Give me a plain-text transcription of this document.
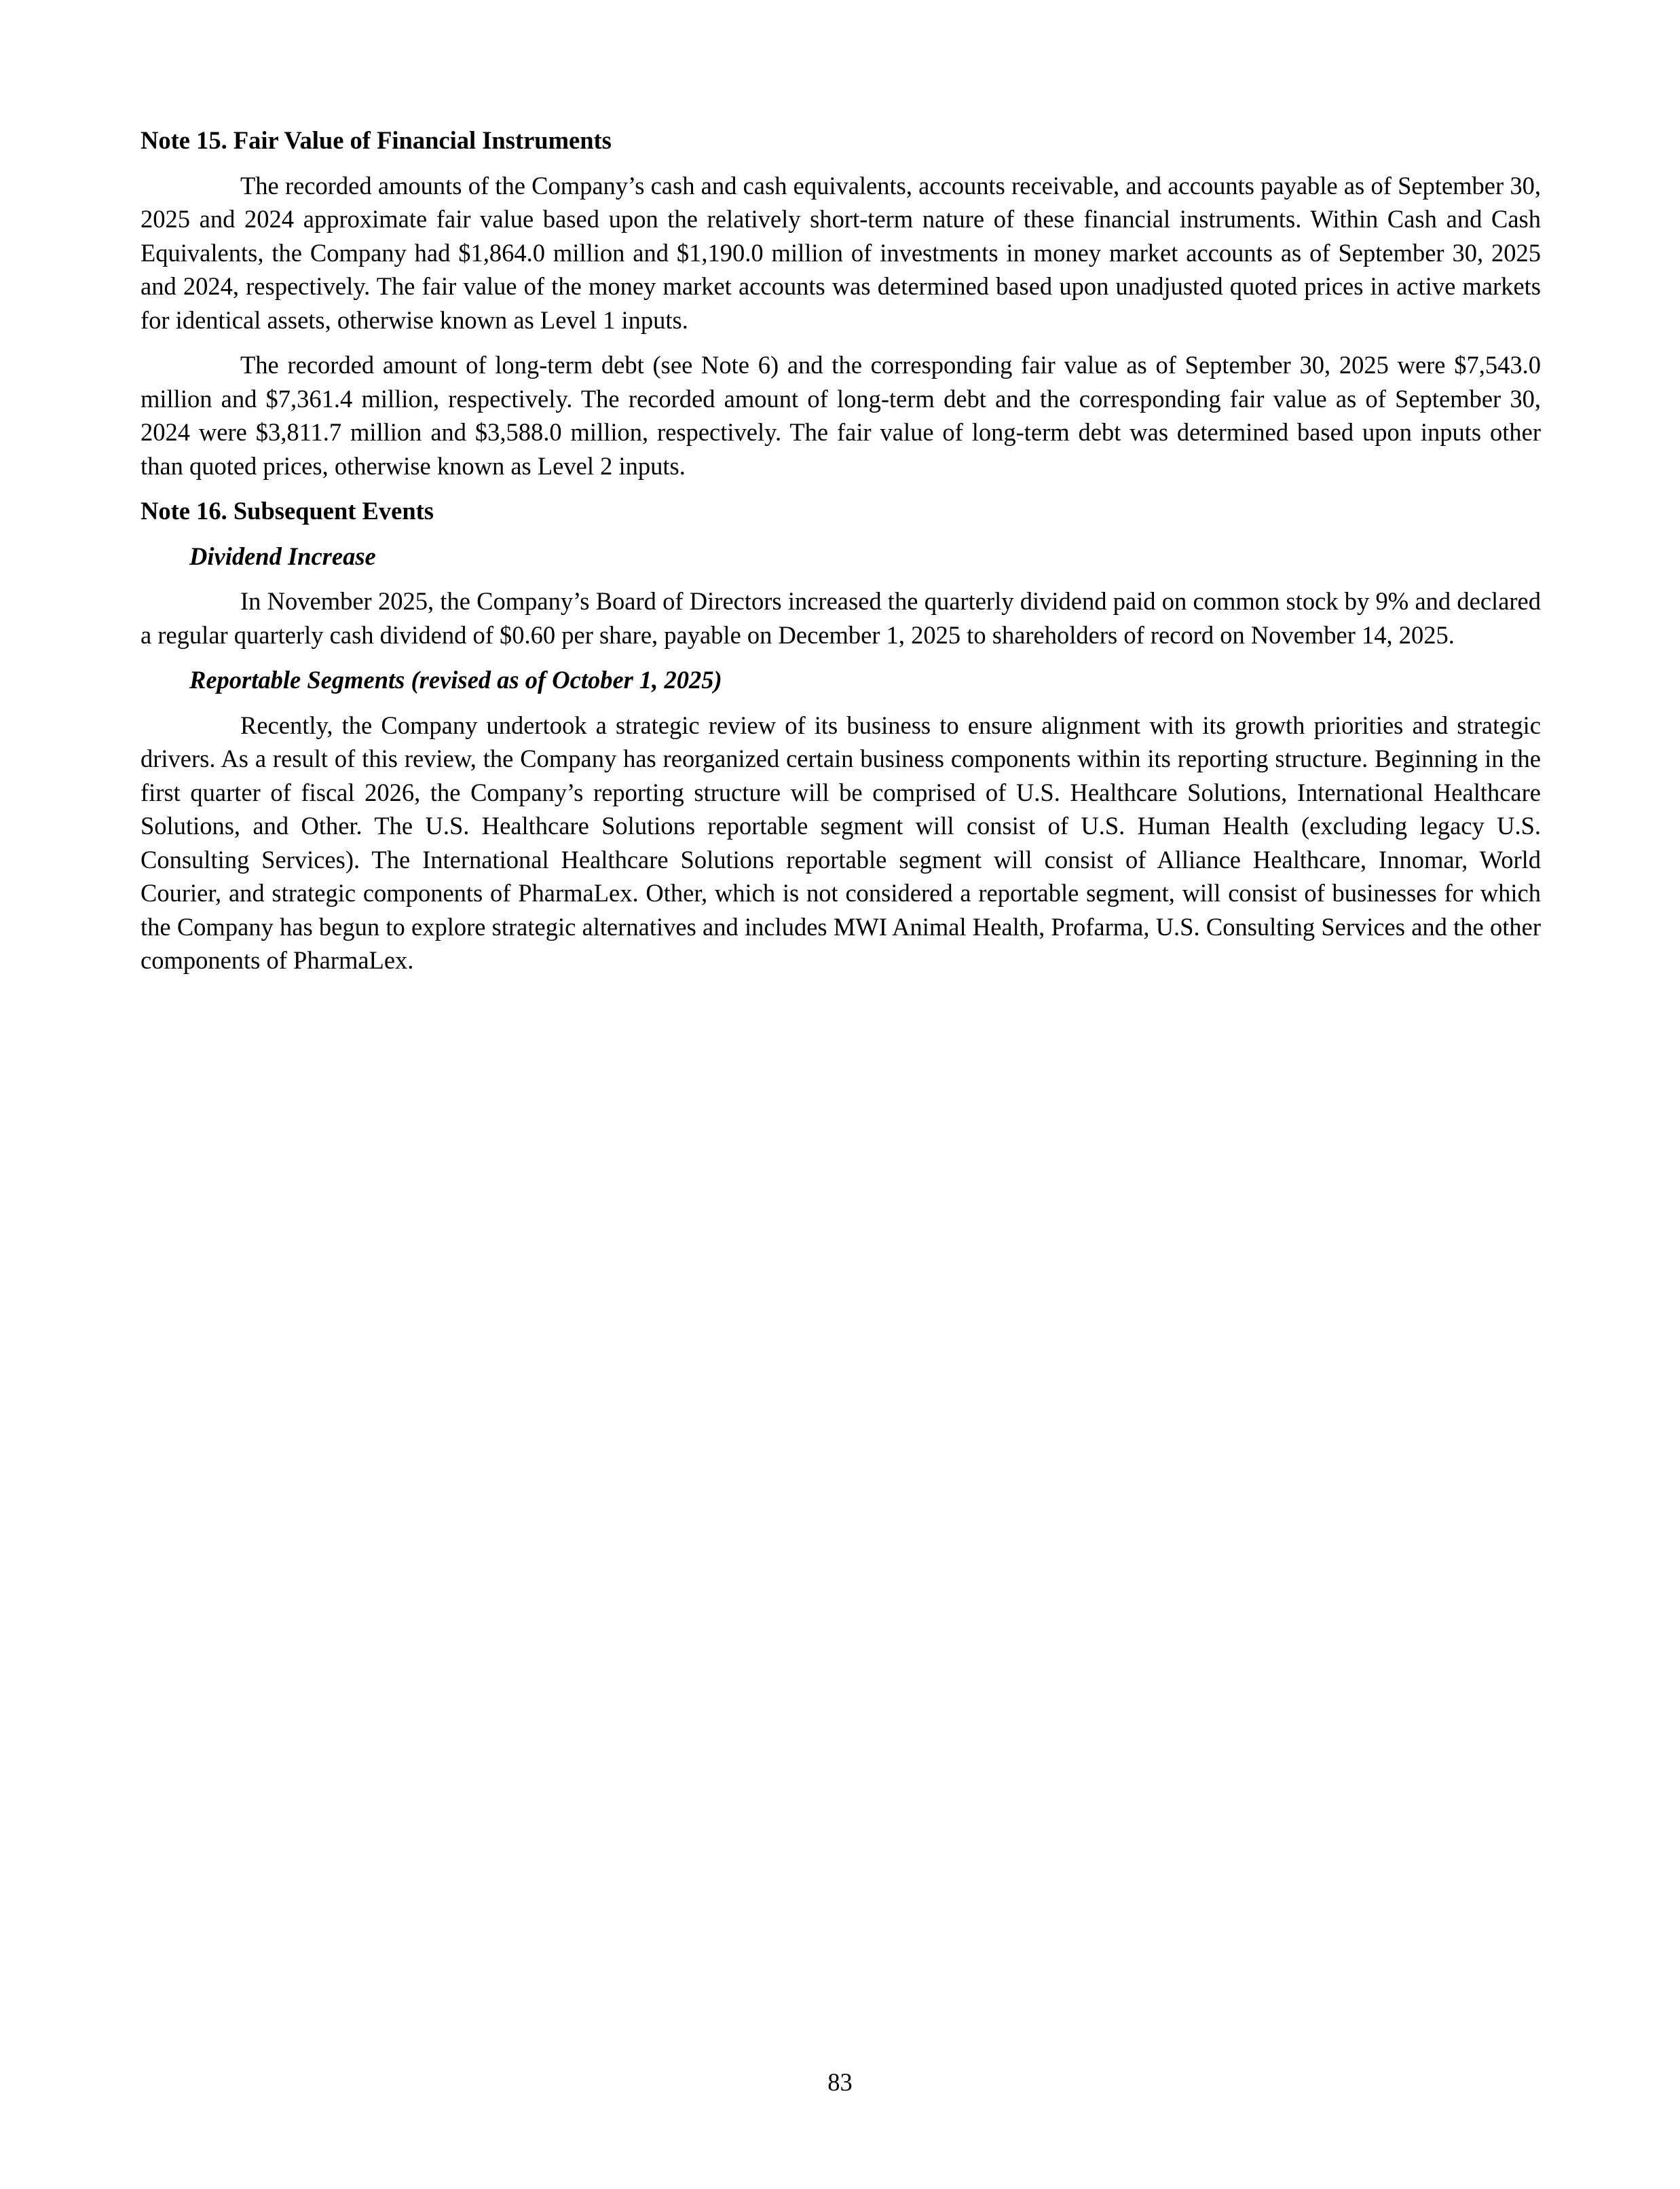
Note 15. Fair Value of Financial Instruments

The recorded amounts of the Company’s cash and cash equivalents, accounts receivable, and accounts payable as of September 30, 2025 and 2024 approximate fair value based upon the relatively short-term nature of these financial instruments. Within Cash and Cash Equivalents, the Company had $1,864.0 million and $1,190.0 million of investments in money market accounts as of September 30, 2025 and 2024, respectively. The fair value of the money market accounts was determined based upon unadjusted quoted prices in active markets for identical assets, otherwise known as Level 1 inputs.

The recorded amount of long-term debt (see Note 6) and the corresponding fair value as of September 30, 2025 were $7,543.0 million and $7,361.4 million, respectively. The recorded amount of long-term debt and the corresponding fair value as of September 30, 2024 were $3,811.7 million and $3,588.0 million, respectively. The fair value of long-term debt was determined based upon inputs other than quoted prices, otherwise known as Level 2 inputs.

Note 16. Subsequent Events
Dividend Increase

In November 2025, the Company’s Board of Directors increased the quarterly dividend paid on common stock by 9% and declared a regular quarterly cash dividend of $0.60 per share, payable on December 1, 2025 to shareholders of record on November 14, 2025.

Reportable Segments (revised as of October 1, 2025)

Recently, the Company undertook a strategic review of its business to ensure alignment with its growth priorities and strategic drivers. As a result of this review, the Company has reorganized certain business components within its reporting structure. Beginning in the first quarter of fiscal 2026, the Company’s reporting structure will be comprised of U.S. Healthcare Solutions, International Healthcare Solutions, and Other. The U.S. Healthcare Solutions reportable segment will consist of U.S. Human Health (excluding legacy U.S. Consulting Services). The International Healthcare Solutions reportable segment will consist of Alliance Healthcare, Innomar, World Courier, and strategic components of PharmaLex. Other, which is not considered a reportable segment, will consist of businesses for which the Company has begun to explore strategic alternatives and includes MWI Animal Health, Profarma, U.S. Consulting Services and the other components of PharmaLex.

83
